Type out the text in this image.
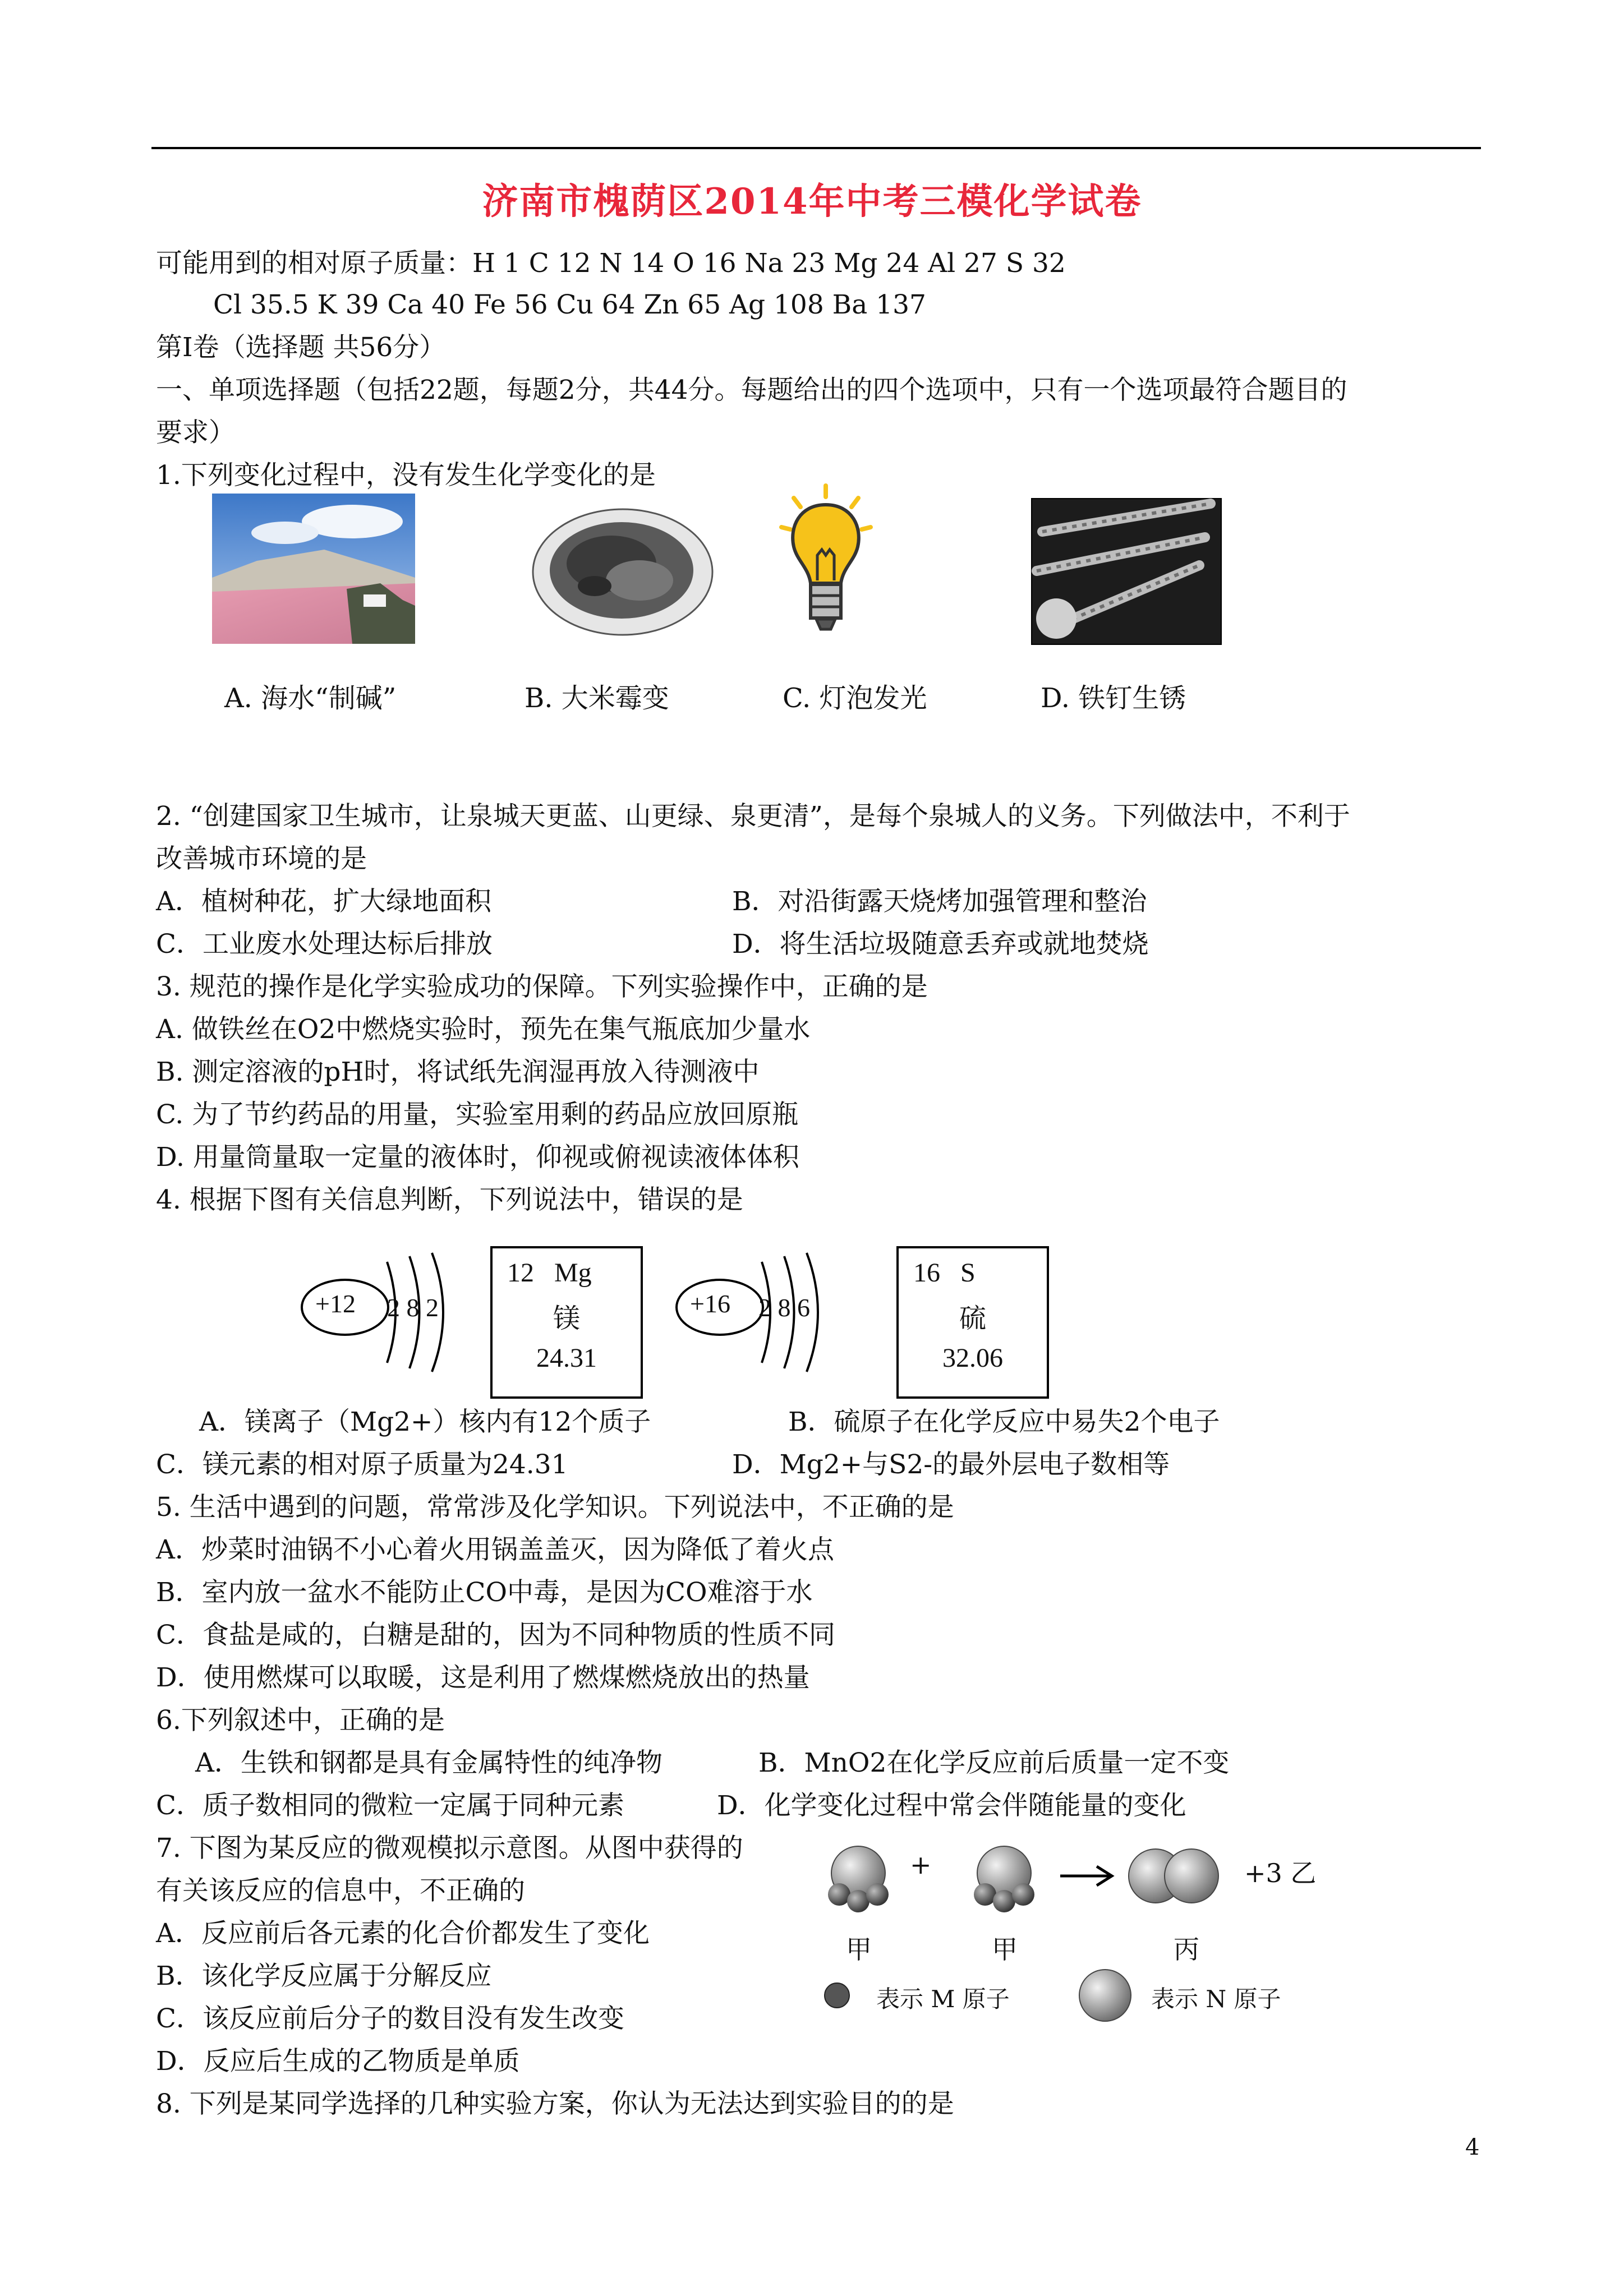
济南市槐荫区2014年中考三模化学试卷
可能用到的相对原子质量：H 1 C 12 N 14 O 16 Na 23 Mg 24 Al 27 S 32
Cl 35.5 K 39 Ca 40 Fe 56 Cu 64 Zn 65 Ag 108 Ba 137
第Ⅰ卷（选择题 共56分）
一、单项选择题（包括22题，每题2分，共44分。每题给出的四个选项中，只有一个选项最符合题目的
要求）
1.下列变化过程中，没有发生化学变化的是
A. 海水“制碱”	B. 大米霉变	C. 灯泡发光	D. 铁钉生锈
2. “创建国家卫生城市，让泉城天更蓝、山更绿、泉更清”，是每个泉城人的义务。下列做法中，不利于
改善城市环境的是
A．植树种花，扩大绿地面积	B．对沿街露天烧烤加强管理和整治
C．工业废水处理达标后排放	D．将生活垃圾随意丢弃或就地焚烧
3. 规范的操作是化学实验成功的保障。下列实验操作中，正确的是
A. 做铁丝在O2中燃烧实验时，预先在集气瓶底加少量水
B. 测定溶液的pH时，将试纸先润湿再放入待测液中
C. 为了节约药品的用量，实验室用剩的药品应放回原瓶
D. 用量筒量取一定量的液体时，仰视或俯视读液体体积
4. 根据下图有关信息判断，下列说法中，错误的是
+12 2 8 2
12 Mg
镁
24.31
+16 2 8 6
16 S
硫
32.06
A．镁离子（Mg2+）核内有12个质子	B．硫原子在化学反应中易失2个电子
C．镁元素的相对原子质量为24.31	D．Mg2+与S2-的最外层电子数相等
5. 生活中遇到的问题，常常涉及化学知识。下列说法中，不正确的是
A．炒菜时油锅不小心着火用锅盖盖灭，因为降低了着火点
B．室内放一盆水不能防止CO中毒，是因为CO难溶于水
C．食盐是咸的，白糖是甜的，因为不同种物质的性质不同
D．使用燃煤可以取暖，这是利用了燃煤燃烧放出的热量
6.下列叙述中，正确的是
A．生铁和钢都是具有金属特性的纯净物	B．MnO2在化学反应前后质量一定不变
C．质子数相同的微粒一定属于同种元素	D．化学变化过程中常会伴随能量的变化
7. 下图为某反应的微观模拟示意图。从图中获得的
有关该反应的信息中，不正确的
A．反应前后各元素的化合价都发生了变化
B．该化学反应属于分解反应
C．该反应前后分子的数目没有发生改变
D．反应后生成的乙物质是单质
+	+3 乙
甲	甲	丙
表示 M 原子	表示 N 原子
8. 下列是某同学选择的几种实验方案，你认为无法达到实验目的的是
4
